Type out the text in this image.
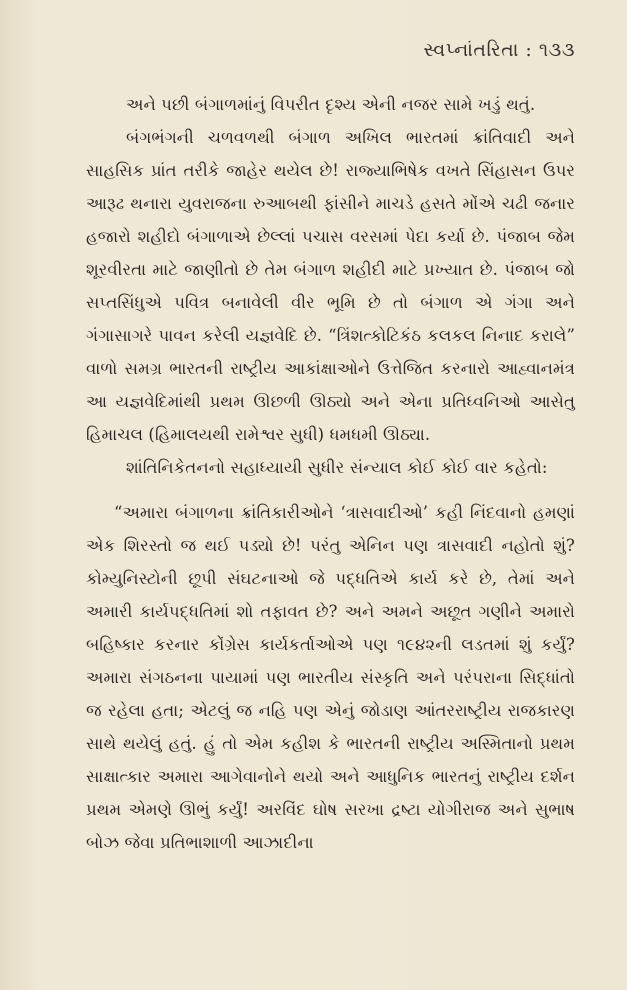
સ્વપ્નાંતરિતા : ૧૩૩

અને પછી બંગાળમાંનું વિપરીત દૃશ્ય એની નજર સામે ખડું થતું.

બંગભંગની ચળવળથી બંગાળ અખિલ ભારતમાં ક્રાંતિવાદી અને સાહસિક પ્રાંત તરીકે જાહેર થયેલ છે! રાજ્યાભિષેક વખતે સિંહાસન ઉપર આરૂઢ થનારા યુવરાજના રુઆબથી ફાંસીને માચડે હસતે મોંએ ચઢી જનાર હજારો શહીદો બંગાળાએ છેલ્લાં પચાસ વરસમાં પેદા કર્યા છે. પંજાબ જેમ શૂરવીરતા માટે જાણીતો છે તેમ બંગાળ શહીદી માટે પ્રખ્યાત છે. પંજાબ જો સપ્તસિંધુએ પવિત્ર બનાવેલી વીર ભૂમિ છે તો બંગાળ એ ગંગા અને ગંગાસાગરે પાવન કરેલી યજ્ઞવેદિ છે. “ત્રિંશત્કોટિકંઠ કલકલ નિનાદ કરાલે” વાળો સમગ્ર ભારતની રાષ્ટ્રીય આકાંક્ષાઓને ઉત્તેજિત કરનારો આહ્વાનમંત્ર આ યજ્ઞવેદિમાંથી પ્રથમ ઊછળી ઊઠ્યો અને એના પ્રતિધ્વનિઓ આસેતુ હિમાચલ (હિમાલયથી રામેશ્વર સુધી) ધમધમી ઊઠ્યા.

શાંતિનિકેતનનો સહાધ્યાયી સુધીર સંન્યાલ કોઈ કોઈ વાર કહેતો:

“અમારા બંગાળના ક્રાંતિકારીઓને ‘ત્રાસવાદીઓ’ કહી નિંદવાનો હમણાં એક શિરસ્તો જ થઈ પડ્યો છે! પરંતુ એનિન પણ ત્રાસવાદી નહોતો શું? કોમ્યુનિસ્ટોની છૂપી સંઘટનાઓ જે પદ્ધતિએ કાર્ય કરે છે, તેમાં અને અમારી કાર્યપદ્ધતિમાં શો તફાવત છે? અને અમને અછૂત ગણીને અમારો બહિષ્કાર કરનાર કોંગ્રેસ કાર્યકર્તાઓએ પણ ૧૯૪૨ની લડતમાં શું કર્યું? અમારા સંગઠનના પાયામાં પણ ભારતીય સંસ્કૃતિ અને પરંપરાના સિદ્ધાંતો જ રહેલા હતા; એટલું જ નહિ પણ એનું જોડાણ આંતરરાષ્ટ્રીય રાજકારણ સાથે થયેલું હતું. હું તો એમ કહીશ કે ભારતની રાષ્ટ્રીય અસ્મિતાનો પ્રથમ સાક્ષાત્કાર અમારા આગેવાનોને થયો અને આધુનિક ભારતનું રાષ્ટ્રીય દર્શન પ્રથમ એમણે ઊભું કર્યું! અરવિંદ ઘોષ સરખા દ્રષ્ટા યોગીરાજ અને સુભાષ બોઝ જેવા પ્રતિભાશાળી આઝાદીના
